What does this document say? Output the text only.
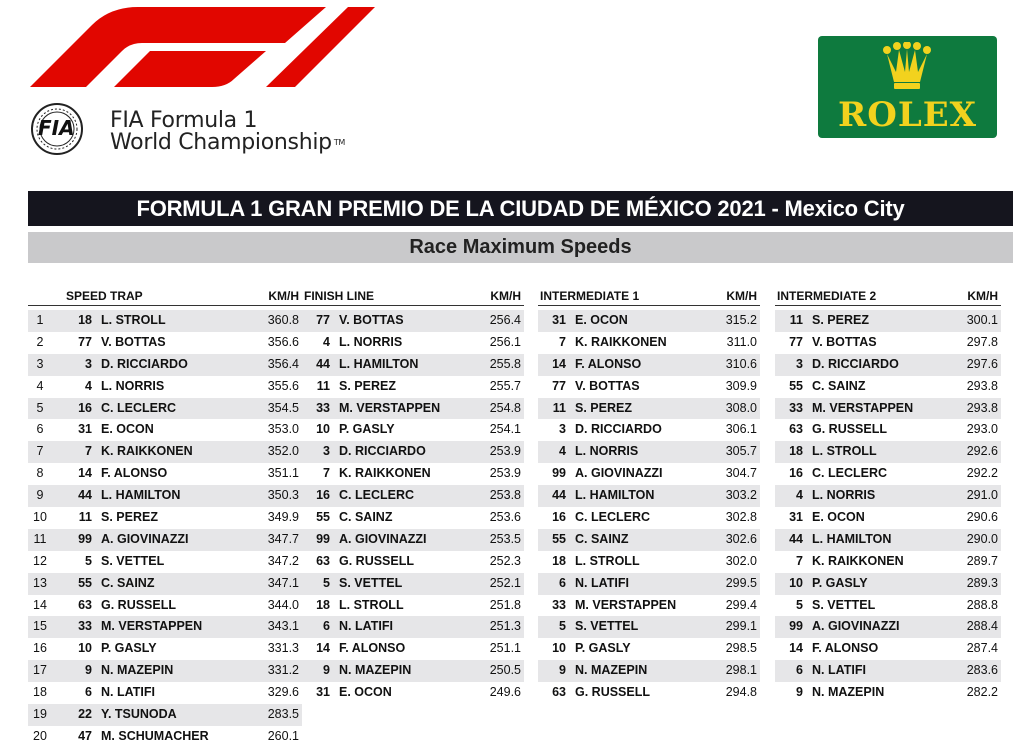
FIA FIA Formula 1
World Championship TM
ROLEX
FORMULA 1 GRAN PREMIO DE LA CIUDAD DE MÉXICO 2021 - Mexico City
Race Maximum Speeds
SPEED TRAP	KM/H
1	18 L. STROLL	360.8
2	77 V. BOTTAS	356.6
3	3 D. RICCIARDO	356.4
4	4 L. NORRIS	355.6
5	16 C. LECLERC	354.5
6	31 E. OCON	353.0
7	7 K. RAIKKONEN	352.0
8	14 F. ALONSO	351.1
9	44 L. HAMILTON	350.3
10	11 S. PEREZ	349.9
11	99 A. GIOVINAZZI	347.7
12	5 S. VETTEL	347.2
13	55 C. SAINZ	347.1
14	63 G. RUSSELL	344.0
15	33 M. VERSTAPPEN	343.1
16	10 P. GASLY	331.3
17	9 N. MAZEPIN	331.2
18	6 N. LATIFI	329.6
19	22 Y. TSUNODA	283.5
20	47 M. SCHUMACHER	260.1
FINISH LINE	KM/H
77 V. BOTTAS	256.4
4 L. NORRIS	256.1
44 L. HAMILTON	255.8
11 S. PEREZ	255.7
33 M. VERSTAPPEN	254.8
10 P. GASLY	254.1
3 D. RICCIARDO	253.9
7 K. RAIKKONEN	253.9
16 C. LECLERC	253.8
55 C. SAINZ	253.6
99 A. GIOVINAZZI	253.5
63 G. RUSSELL	252.3
5 S. VETTEL	252.1
18 L. STROLL	251.8
6 N. LATIFI	251.3
14 F. ALONSO	251.1
9 N. MAZEPIN	250.5
31 E. OCON	249.6
INTERMEDIATE 1	KM/H
31 E. OCON	315.2
7 K. RAIKKONEN	311.0
14 F. ALONSO	310.6
77 V. BOTTAS	309.9
11 S. PEREZ	308.0
3 D. RICCIARDO	306.1
4 L. NORRIS	305.7
99 A. GIOVINAZZI	304.7
44 L. HAMILTON	303.2
16 C. LECLERC	302.8
55 C. SAINZ	302.6
18 L. STROLL	302.0
6 N. LATIFI	299.5
33 M. VERSTAPPEN	299.4
5 S. VETTEL	299.1
10 P. GASLY	298.5
9 N. MAZEPIN	298.1
63 G. RUSSELL	294.8
INTERMEDIATE 2	KM/H
11 S. PEREZ	300.1
77 V. BOTTAS	297.8
3 D. RICCIARDO	297.6
55 C. SAINZ	293.8
33 M. VERSTAPPEN	293.8
63 G. RUSSELL	293.0
18 L. STROLL	292.6
16 C. LECLERC	292.2
4 L. NORRIS	291.0
31 E. OCON	290.6
44 L. HAMILTON	290.0
7 K. RAIKKONEN	289.7
10 P. GASLY	289.3
5 S. VETTEL	288.8
99 A. GIOVINAZZI	288.4
14 F. ALONSO	287.4
6 N. LATIFI	283.6
9 N. MAZEPIN	282.2
